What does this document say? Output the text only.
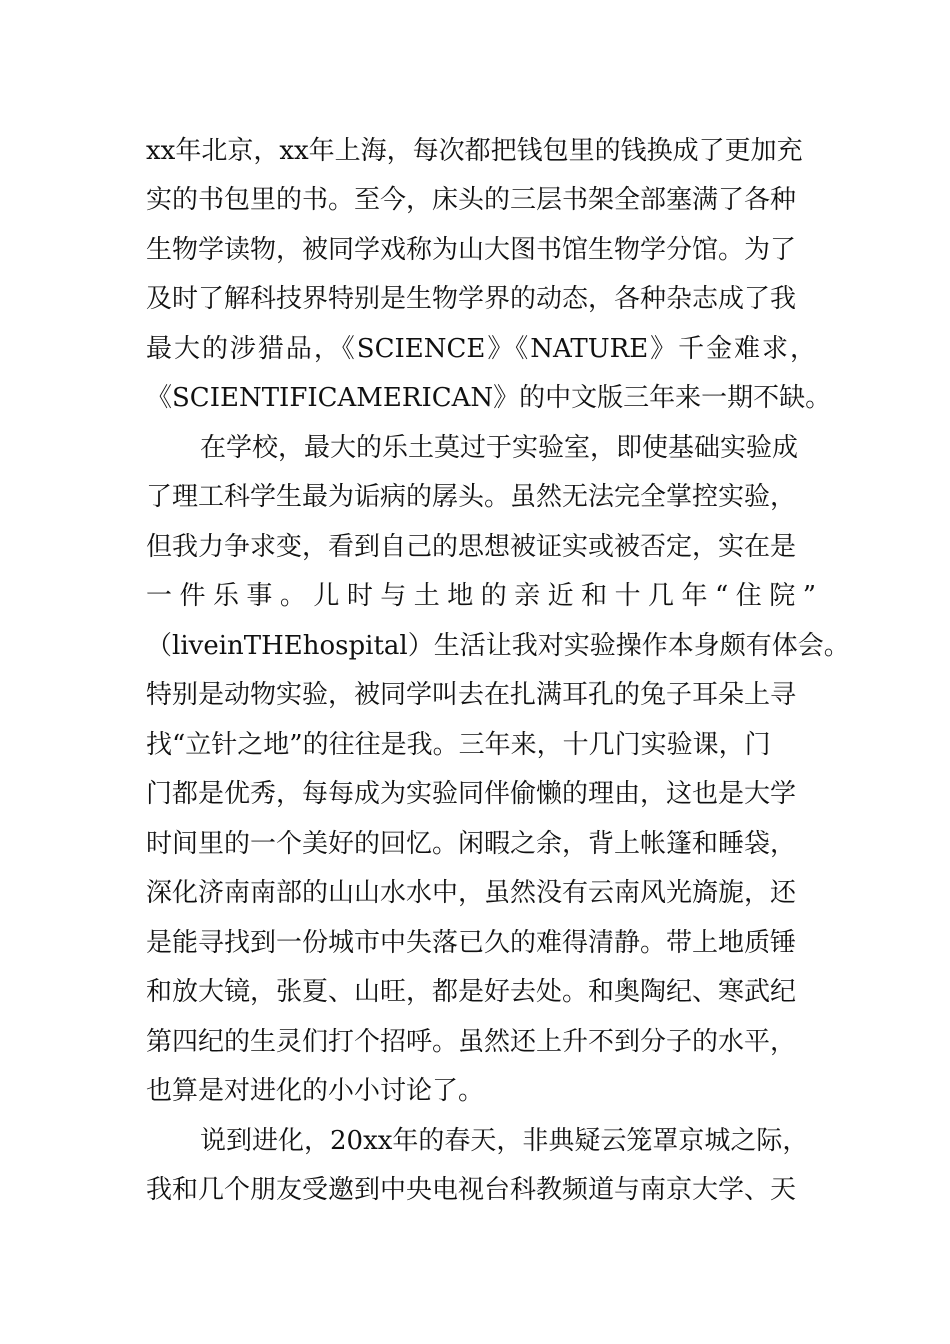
xx年北京，xx年上海，每次都把钱包里的钱换成了更加充
实的书包里的书。至今，床头的三层书架全部塞满了各种
生物学读物，被同学戏称为山大图书馆生物学分馆。为了
及时了解科技界特别是生物学界的动态，各种杂志成了我
最大的涉猎品，《SCIENCE》《NATURE》千金难求，
《SCIENTIFICAMERICAN》的中文版三年来一期不缺。
在学校，最大的乐土莫过于实验室，即使基础实验成
了理工科学生最为诟病的孱头。虽然无法完全掌控实验，
但我力争求变，看到自己的思想被证实或被否定，实在是
一件乐事。儿时与土地的亲近和十几年“住院”
（liveinTHEhospital）生活让我对实验操作本身颇有体会。
特别是动物实验，被同学叫去在扎满耳孔的兔子耳朵上寻
找“立针之地”的往往是我。三年来，十几门实验课，门
门都是优秀，每每成为实验同伴偷懒的理由，这也是大学
时间里的一个美好的回忆。闲暇之余，背上帐篷和睡袋，
深化济南南部的山山水水中，虽然没有云南风光旖旎，还
是能寻找到一份城市中失落已久的难得清静。带上地质锤
和放大镜，张夏、山旺，都是好去处。和奥陶纪、寒武纪
第四纪的生灵们打个招呼。虽然还上升不到分子的水平，
也算是对进化的小小讨论了。
说到进化，20xx年的春天，非典疑云笼罩京城之际，
我和几个朋友受邀到中央电视台科教频道与南京大学、天
